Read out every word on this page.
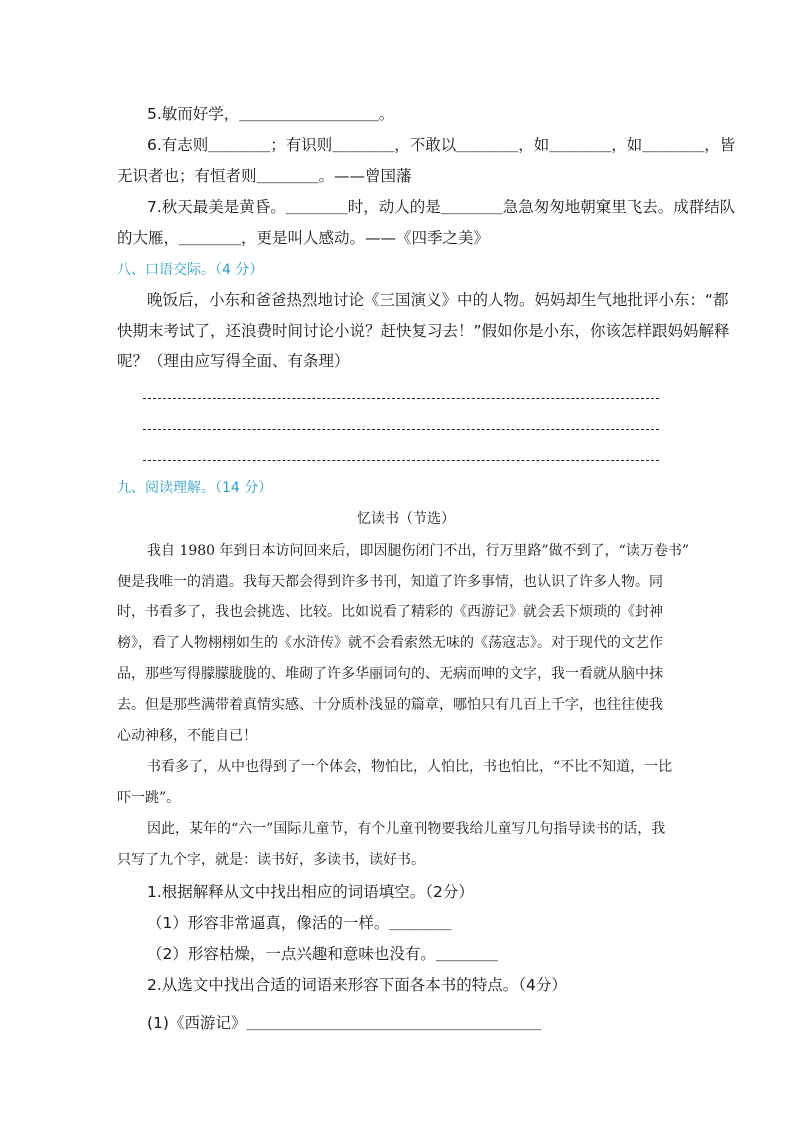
5.敏而好学，＿＿＿＿＿＿＿＿＿。
6.有志则＿＿＿＿；有识则＿＿＿＿，不敢以＿＿＿＿，如＿＿＿＿，如＿＿＿＿，皆
无识者也；有恒者则＿＿＿＿。——曾国藩
7.秋天最美是黄昏。＿＿＿＿时，动人的是＿＿＿＿急急匆匆地朝窠里飞去。成群结队
的大雁，＿＿＿＿，更是叫人感动。——《四季之美》
八、口语交际。（4 分）
晚饭后，小东和爸爸热烈地讨论《三国演义》中的人物。妈妈却生气地批评小东：“都
快期末考试了，还浪费时间讨论小说？赶快复习去！”假如你是小东，你该怎样跟妈妈解释
呢？（理由应写得全面、有条理）
九、阅读理解。（14 分）
忆读书（节选）
我自 1980 年到日本访问回来后，即因腿伤闭门不出，行万里路”做不到了，“读万卷书”
便是我唯一的消遣。我每天都会得到许多书刊，知道了许多事情，也认识了许多人物。同
时，书看多了，我也会挑选、比较。比如说看了精彩的《西游记》就会丢下烦琐的《封神
榜》，看了人物栩栩如生的《水浒传》就不会看索然无味的《荡寇志》。对于现代的文艺作
品，那些写得朦朦胧胧的、堆砌了许多华丽词句的、无病而呻的文字，我一看就从脑中抹
去。但是那些满带着真情实感、十分质朴浅显的篇章，哪怕只有几百上千字，也往往使我
心动神移，不能自已！
书看多了，从中也得到了一个体会，物怕比，人怕比，书也怕比，“不比不知道，一比
吓一跳”。
因此，某年的“六一”国际儿童节，有个儿童刊物要我给儿童写几句指导读书的话，我
只写了九个字，就是：读书好，多读书，读好书。
1.根据解释从文中找出相应的词语填空。（2分）
（1）形容非常逼真，像活的一样。＿＿＿＿
（2）形容枯燥，一点兴趣和意味也没有。＿＿＿＿
2.从选文中找出合适的词语来形容下面各本书的特点。（4分）
(1)《西游记》＿＿＿＿＿＿＿＿＿＿＿＿＿＿＿＿＿＿＿
